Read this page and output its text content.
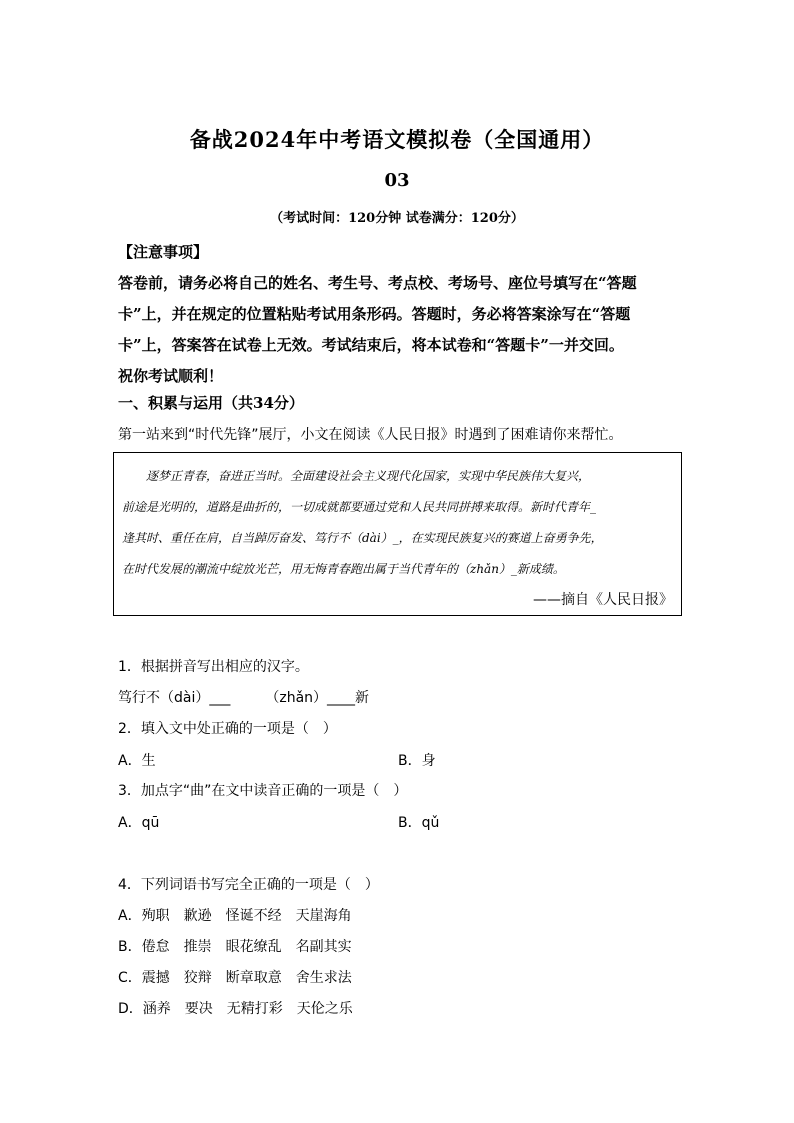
备战2024年中考语文模拟卷（全国通用）
03
（考试时间：120分钟 试卷满分：120分）
【注意事项】
答卷前，请务必将自己的姓名、考生号、考点校、考场号、座位号填写在“答题
卡”上，并在规定的位置粘贴考试用条形码。答题时，务必将答案涂写在“答题
卡”上，答案答在试卷上无效。考试结束后，将本试卷和“答题卡”一并交回。
祝你考试顺利！
一、积累与运用（共34分）
第一站来到“时代先锋”展厅，小文在阅读《人民日报》时遇到了困难请你来帮忙。
逐梦正青春，奋进正当时。全面建设社会主义现代化国家，实现中华民族伟大复兴，
前途是光明的，道路是曲折的，一切成就都要通过党和人民共同拼搏来取得。新时代青年_
逢其时、重任在肩，自当踔厉奋发、笃行不（dài）_，在实现民族复兴的赛道上奋勇争先，
在时代发展的潮流中绽放光芒，用无悔青春跑出属于当代青年的（zhǎn）_新成绩。
——摘自《人民日报》
1．根据拼音写出相应的汉字。
笃行不（dài）___　　　（zhǎn）____新
2．填入文中处正确的一项是（　）
A．生	B．身
3．加点字“曲”在文中读音正确的一项是（　）
A．qū	B．qǔ
4．下列词语书写完全正确的一项是（　）
A．殉职 歉逊 怪诞不经 天崖海角
B．倦怠 推崇 眼花缭乱 名副其实
C．震撼 狡辩 断章取意 舍生求法
D．涵养 要决 无精打彩 天伦之乐
